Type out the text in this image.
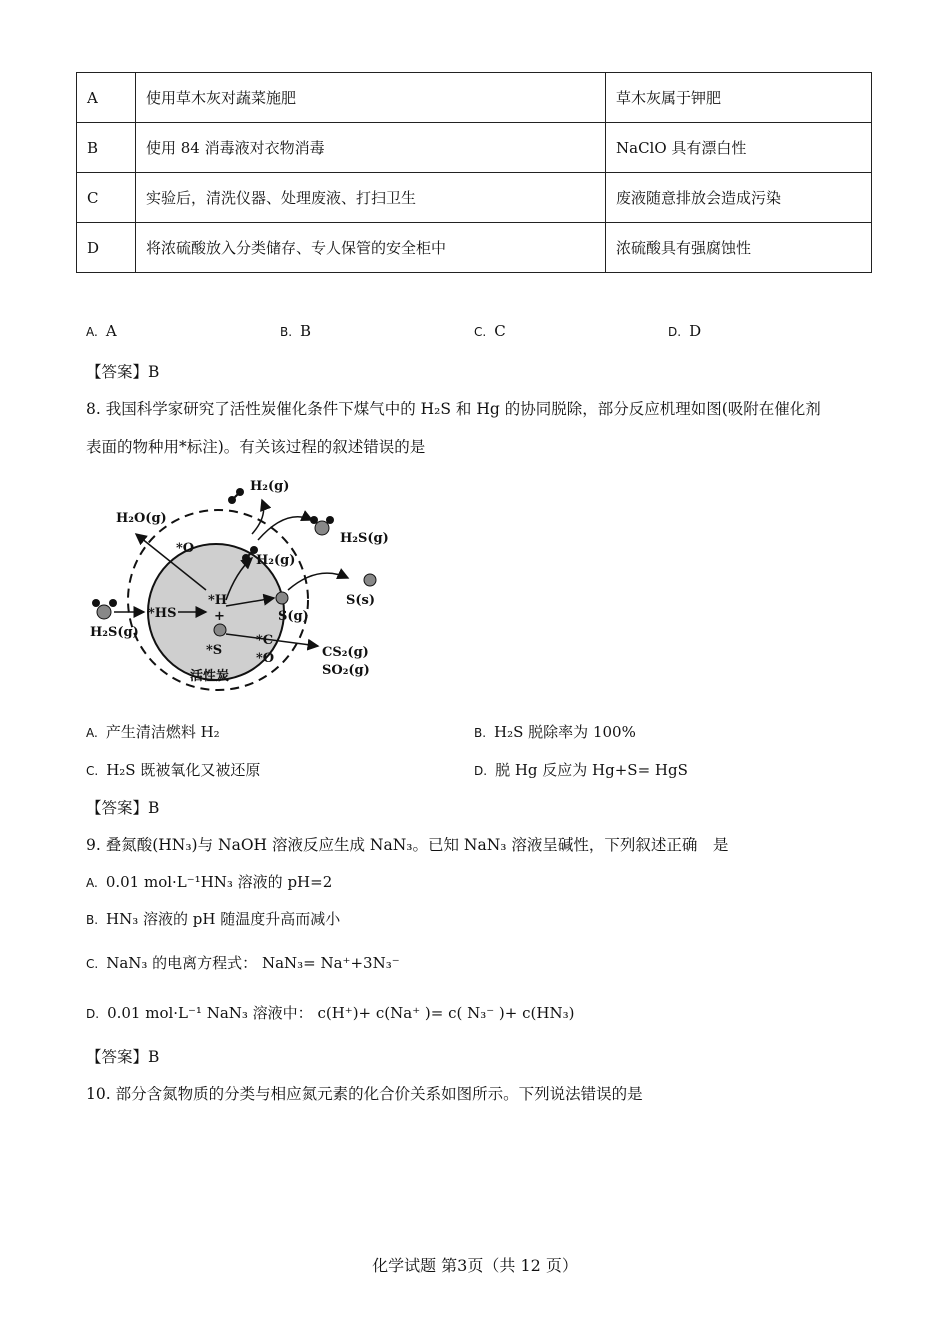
A	使用草木灰对蔬菜施肥	草木灰属于钾肥
B	使用 84 消毒液对衣物消毒	NaClO 具有漂白性
C	实验后，清洗仪器、处理废液、打扫卫生	废液随意排放会造成污染
D	将浓硫酸放入分类储存、专人保管的安全柜中	浓硫酸具有强腐蚀性
A. A	B. B	C. C	D. D
【答案】B
8. 我国科学家研究了活性炭催化条件下煤气中的 H₂S 和 Hg 的协同脱除，部分反应机理如图(吸附在催化剂
表面的物种用*标注)。有关该过程的叙述错误的是
H₂O(g)
*O
H₂(g)
H₂(g)
H₂S(g)
S(s)
H₂S(g)
*HS
*H
+	S(g)
*S
*C
*O	CS₂(g)
SO₂(g)
活性炭
A. 产生清洁燃料 H₂	B. H₂S 脱除率为 100%
C. H₂S 既被氧化又被还原	D. 脱 Hg 反应为 Hg+S= HgS
【答案】B
9. 叠氮酸(HN₃)与 NaOH 溶液反应生成 NaN₃。已知 NaN₃ 溶液呈碱性，下列叙述正确　是
A. 0.01 mol·L⁻¹HN₃ 溶液的 pH=2
B. HN₃ 溶液的 pH 随温度升高而减小
C. NaN₃ 的电离方程式： NaN₃= Na⁺+3N₃⁻
D. 0.01 mol·L⁻¹ NaN₃ 溶液中： c(H⁺)+ c(Na⁺ )= c( N₃⁻ )+ c(HN₃)
【答案】B
10. 部分含氮物质的分类与相应氮元素的化合价关系如图所示。下列说法错误的是
化学试题 第3页（共 12 页）
